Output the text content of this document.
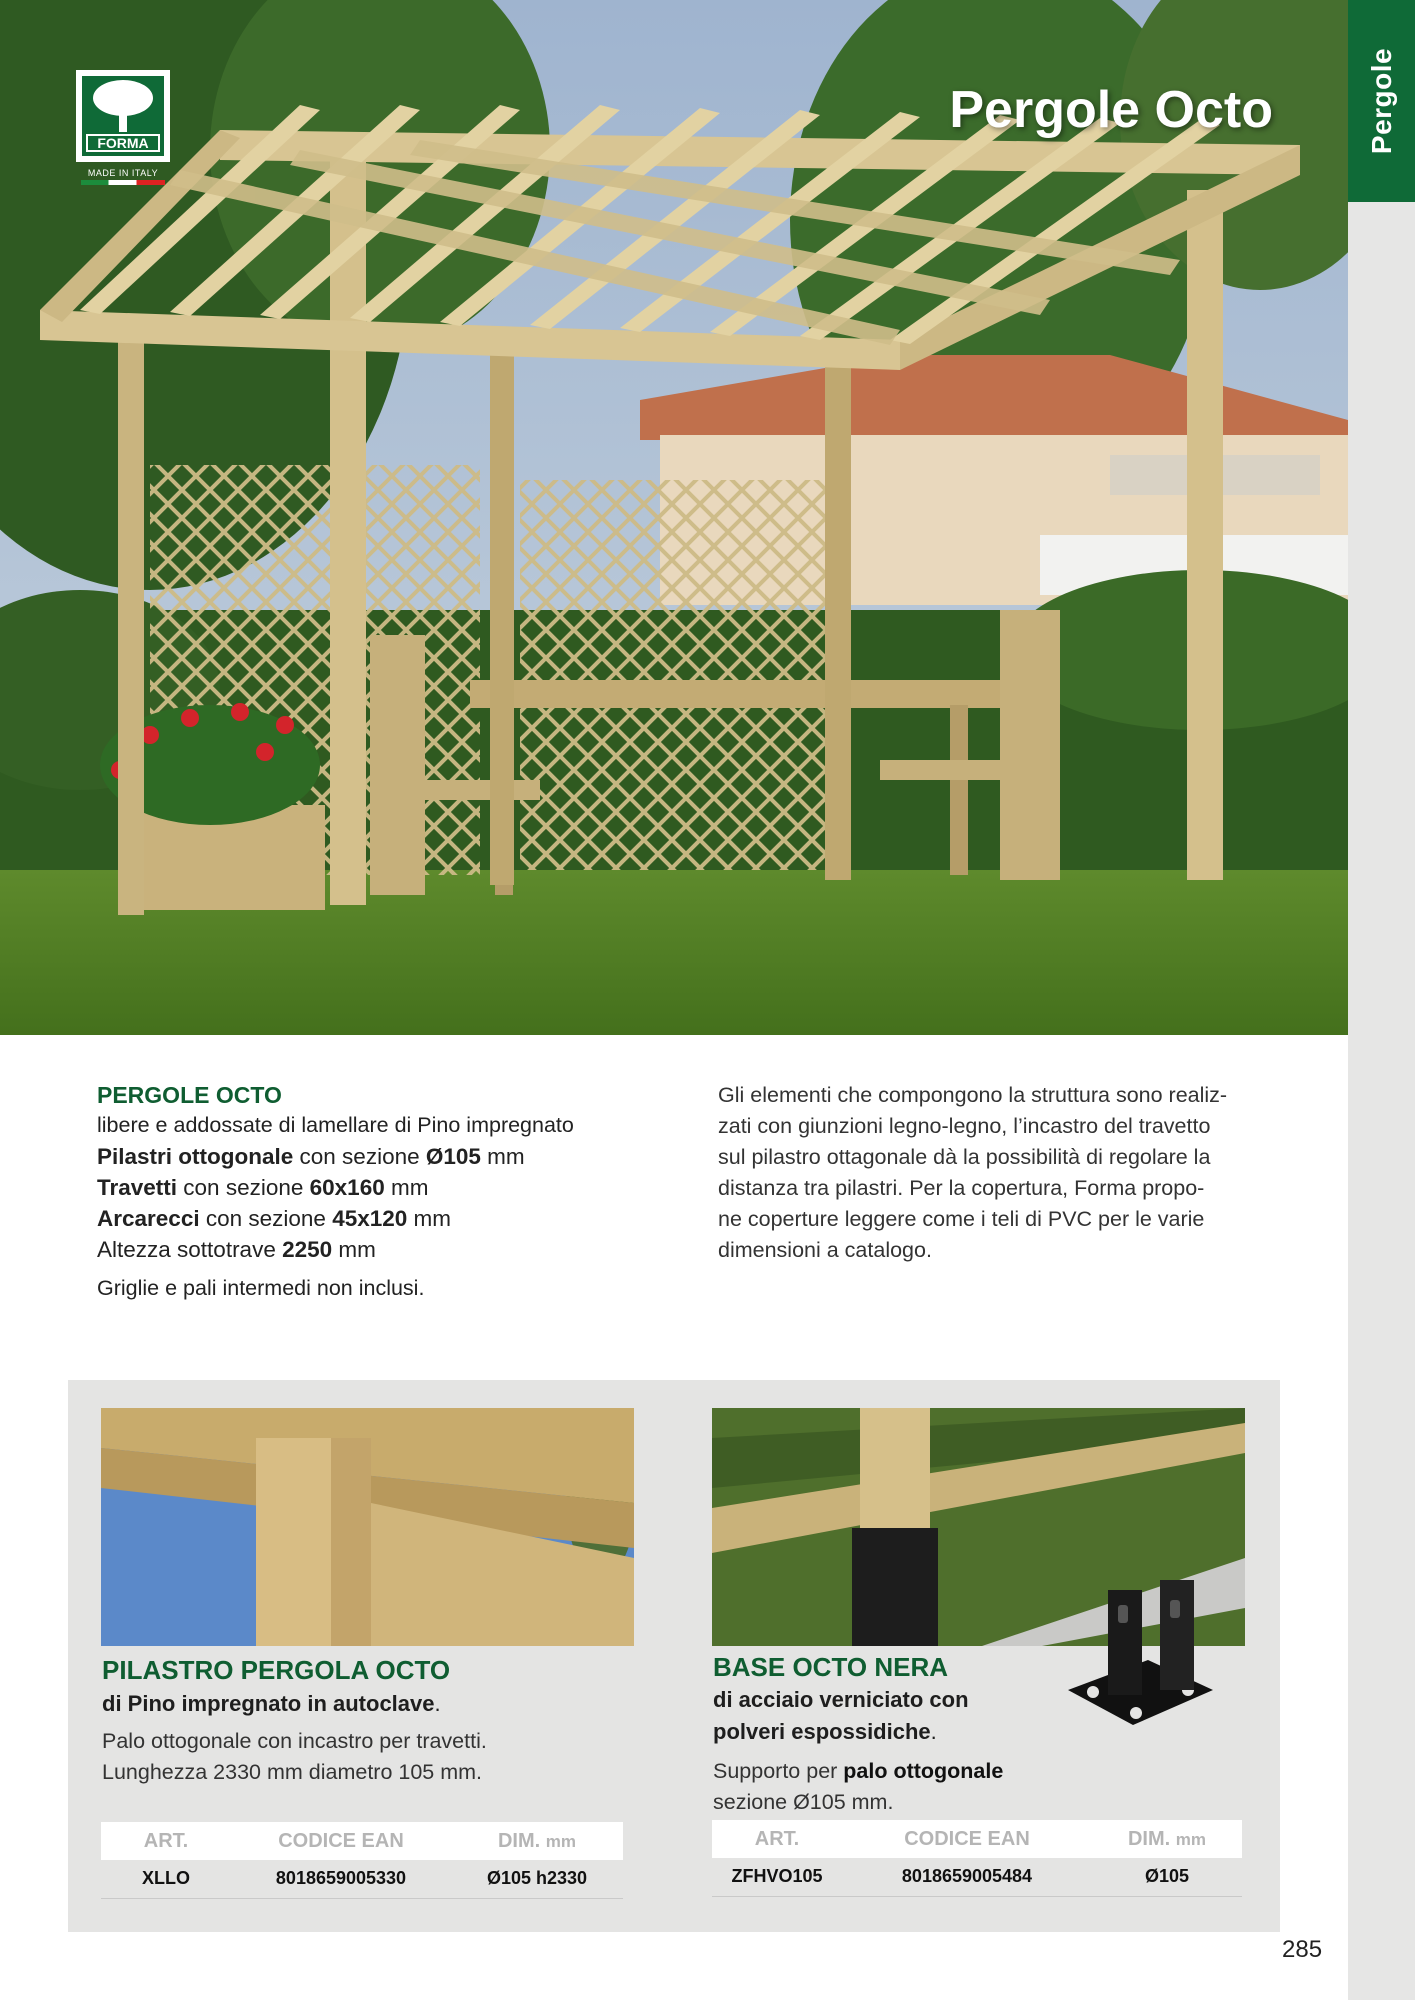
Pergole
FORMA
MADE IN ITALY
Pergole Octo
PERGOLE OCTO
libere e addossate di lamellare di Pino impregnato
Pilastri ottogonale con sezione Ø105 mm
Travetti con sezione 60x160 mm
Arcarecci con sezione 45x120 mm
Altezza sottotrave 2250 mm
Griglie e pali intermedi non inclusi.
Gli elementi che compongono la struttura sono realiz-
zati con giunzioni legno-legno, l’incastro del travetto
sul pilastro ottagonale dà la possibilità di regolare la
distanza tra pilastri. Per la copertura, Forma propo-
ne coperture leggere come i teli di PVC per le varie
dimensioni a catalogo.
PILASTRO PERGOLA OCTO
di Pino impregnato in autoclave.
Palo ottogonale con incastro per travetti.
Lunghezza 2330 mm diametro 105 mm.
ART.	CODICE EAN	DIM. mm
XLLO	8018659005330	Ø105 h2330
BASE OCTO NERA
di acciaio verniciato con
polveri espossidiche.
Supporto per palo ottogonale
sezione Ø105 mm.
ART.	CODICE EAN	DIM. mm
ZFHVO105	8018659005484	Ø105
285
